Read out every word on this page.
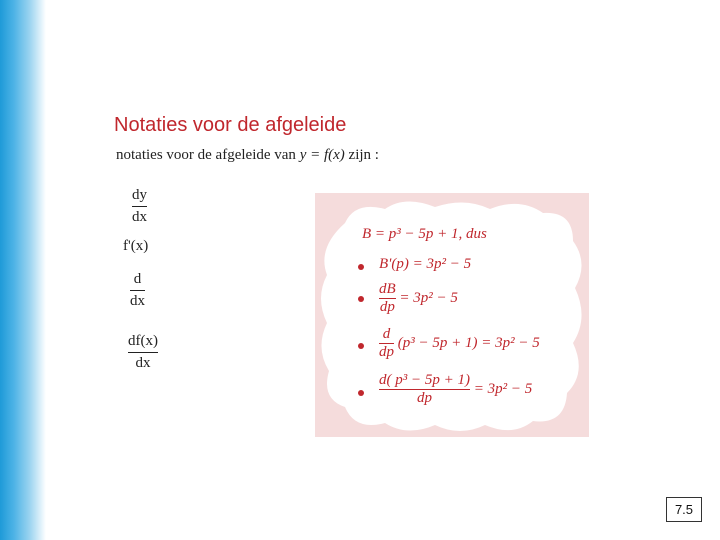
Notaties voor de afgeleide
notaties voor de afgeleide van y = f(x) zijn :
dy
dx
f'(x)
d
dx
df(x)
dx
B = p³ − 5p + 1, dus
B'(p) = 3p² − 5
$\frac{dB}{dp} = 3p^2 - 5$
$\frac{d}{dp} (p^3 - 5p + 1) = 3p^2 - 5$
$\frac{\text{d( p³ − 5p + 1)}}{dp} = 3p^2 - 5$
7.5
